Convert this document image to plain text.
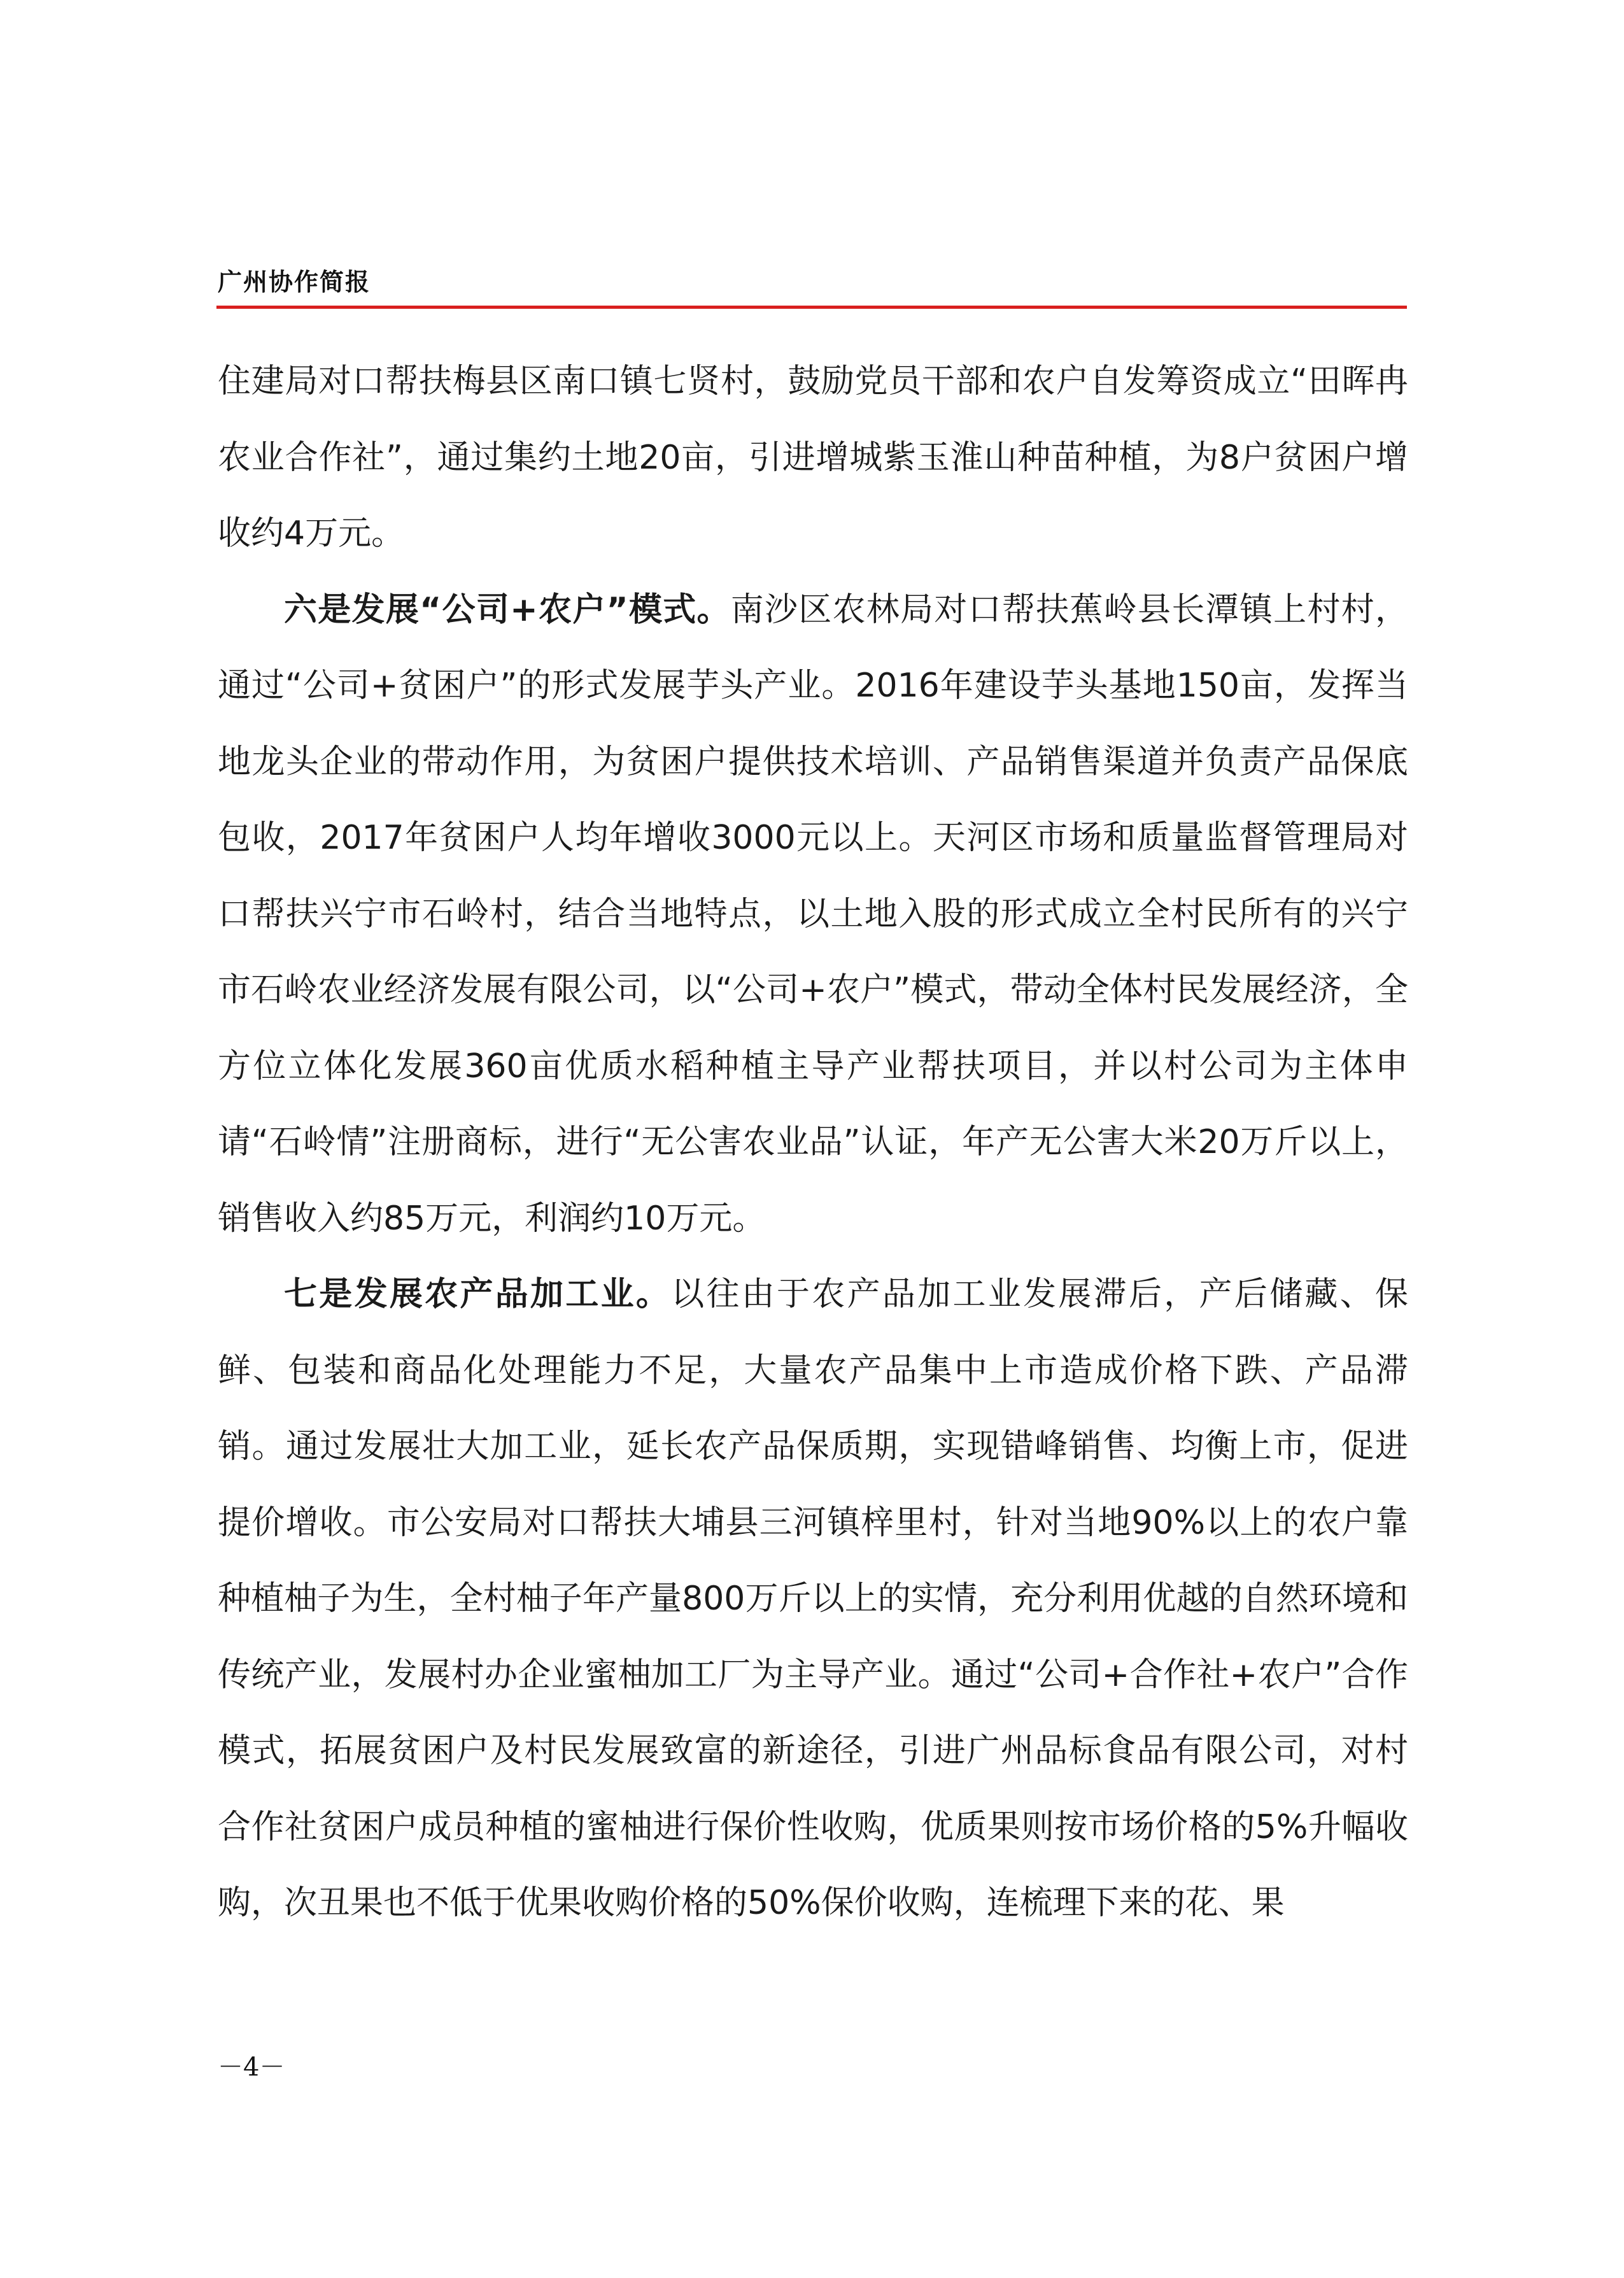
广州协作简报

住建局对口帮扶梅县区南口镇七贤村，鼓励党员干部和农户自发筹资成立“田晖冉农业合作社”，通过集约土地20亩，引进增城紫玉淮山种苗种植，为8户贫困户增收约4万元。

六是发展“公司+农户”模式。南沙区农林局对口帮扶蕉岭县长潭镇上村村，通过“公司+贫困户”的形式发展芋头产业。2016年建设芋头基地150亩，发挥当地龙头企业的带动作用，为贫困户提供技术培训、产品销售渠道并负责产品保底包收，2017年贫困户人均年增收3000元以上。天河区市场和质量监督管理局对口帮扶兴宁市石岭村，结合当地特点，以土地入股的形式成立全村民所有的兴宁市石岭农业经济发展有限公司，以“公司+农户”模式，带动全体村民发展经济，全方位立体化发展360亩优质水稻种植主导产业帮扶项目，并以村公司为主体申请“石岭情”注册商标，进行“无公害农业品”认证，年产无公害大米20万斤以上，销售收入约85万元，利润约10万元。

七是发展农产品加工业。以往由于农产品加工业发展滞后，产后储藏、保鲜、包装和商品化处理能力不足，大量农产品集中上市造成价格下跌、产品滞销。通过发展壮大加工业，延长农产品保质期，实现错峰销售、均衡上市，促进提价增收。市公安局对口帮扶大埔县三河镇梓里村，针对当地90%以上的农户靠种植柚子为生，全村柚子年产量800万斤以上的实情，充分利用优越的自然环境和传统产业，发展村办企业蜜柚加工厂为主导产业。通过“公司+合作社+农户”合作模式，拓展贫困户及村民发展致富的新途径，引进广州品标食品有限公司，对村合作社贫困户成员种植的蜜柚进行保价性收购，优质果则按市场价格的5%升幅收购，次丑果也不低于优果收购价格的50%保价收购，连梳理下来的花、果

－4－
